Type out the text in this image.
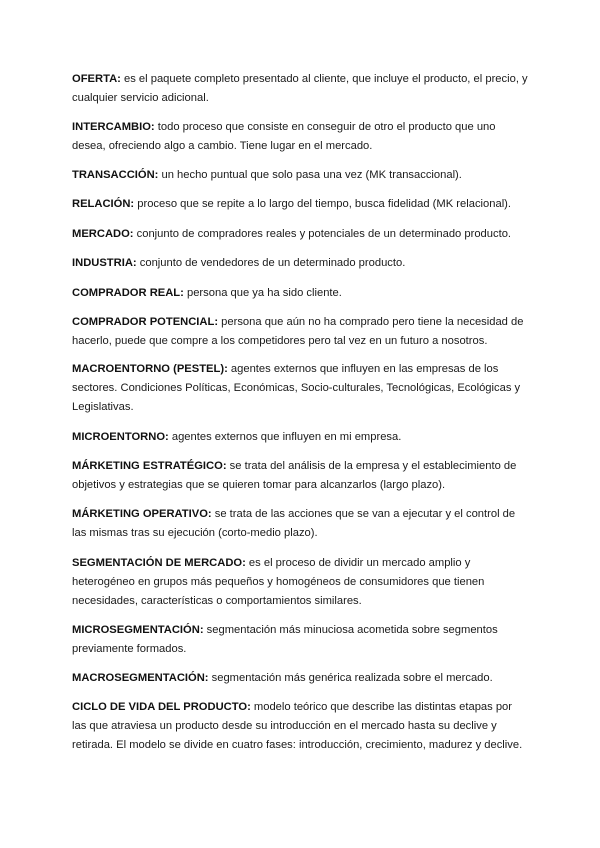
OFERTA: es el paquete completo presentado al cliente, que incluye el producto, el precio, y cualquier servicio adicional.

INTERCAMBIO: todo proceso que consiste en conseguir de otro el producto que uno desea, ofreciendo algo a cambio. Tiene lugar en el mercado.

TRANSACCIÓN: un hecho puntual que solo pasa una vez (MK transaccional).

RELACIÓN: proceso que se repite a lo largo del tiempo, busca fidelidad (MK relacional).

MERCADO: conjunto de compradores reales y potenciales de un determinado producto.

INDUSTRIA: conjunto de vendedores de un determinado producto.

COMPRADOR REAL: persona que ya ha sido cliente.

COMPRADOR POTENCIAL: persona que aún no ha comprado pero tiene la necesidad de hacerlo, puede que compre a los competidores pero tal vez en un futuro a nosotros.

MACROENTORNO (PESTEL): agentes externos que influyen en las empresas de los sectores. Condiciones Políticas, Económicas, Socio-culturales, Tecnológicas, Ecológicas y Legislativas.

MICROENTORNO: agentes externos que influyen en mi empresa.

MÁRKETING ESTRATÉGICO: se trata del análisis de la empresa y el establecimiento de objetivos y estrategias que se quieren tomar para alcanzarlos (largo plazo).

MÁRKETING OPERATIVO: se trata de las acciones que se van a ejecutar y el control de las mismas tras su ejecución (corto-medio plazo).

SEGMENTACIÓN DE MERCADO: es el proceso de dividir un mercado amplio y heterogéneo en grupos más pequeños y homogéneos de consumidores que tienen necesidades, características o comportamientos similares.

MICROSEGMENTACIÓN: segmentación más minuciosa acometida sobre segmentos previamente formados.

MACROSEGMENTACIÓN: segmentación más genérica realizada sobre el mercado.

CICLO DE VIDA DEL PRODUCTO: modelo teórico que describe las distintas etapas por las que atraviesa un producto desde su introducción en el mercado hasta su declive y retirada. El modelo se divide en cuatro fases: introducción, crecimiento, madurez y declive.
